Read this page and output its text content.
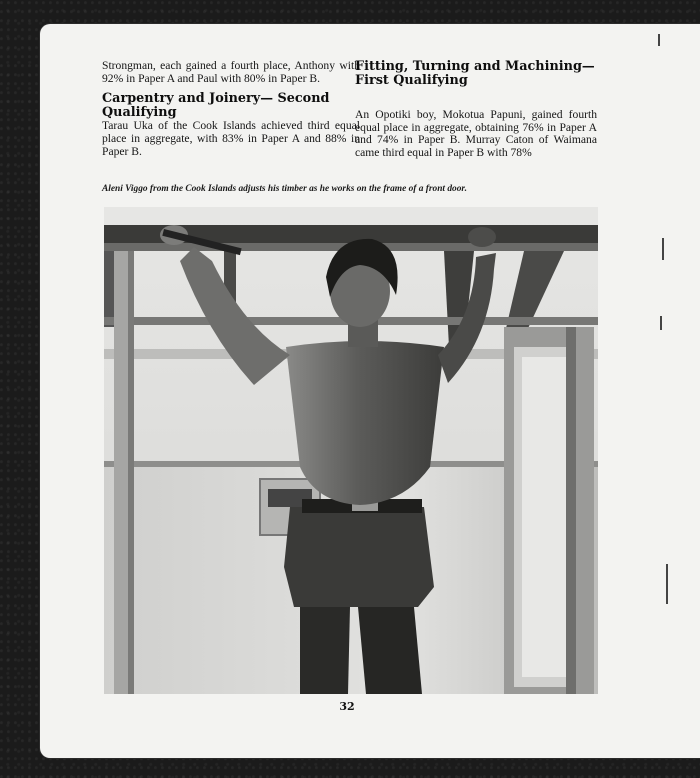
Strongman, each gained a fourth place, Anthony with 92% in Paper A and Paul with 80% in Paper B.

Carpentry and Joinery— Second Qualifying

Tarau Uka of the Cook Islands achieved third equal place in aggregate, with 83% in Paper A and 88% in Paper B.

Fitting, Turning and Machining— First Qualifying

An Opotiki boy, Mokotua Papuni, gained fourth equal place in aggregate, obtaining 76% in Paper A and 74% in Paper B. Murray Caton of Waimana came third equal in Paper B with 78%

Aleni Viggo from the Cook Islands adjusts his timber as he works on the frame of a front door.
32
